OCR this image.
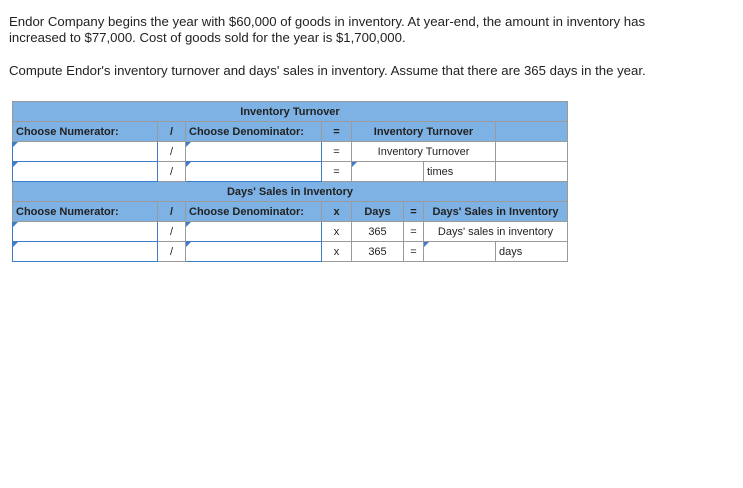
Endor Company begins the year with $60,000 of goods in inventory. At year-end, the amount in inventory has

increased to $77,000. Cost of goods sold for the year is $1,700,000.

Compute Endor's inventory turnover and days' sales in inventory. Assume that there are 365 days in the year.
Inventory Turnover							
Choose Numerator:	/	Choose Denominator:	=	Inventory Turnover			

	/		=	Inventory Turnover			

	/		=			times	
Days' Sales in Inventory							
Choose Numerator:	/	Choose Denominator:	x	Days	=	Days' Sales in Inventory	

	/		x	365	=	Days' sales in inventory	

	/		x	365	=		days
